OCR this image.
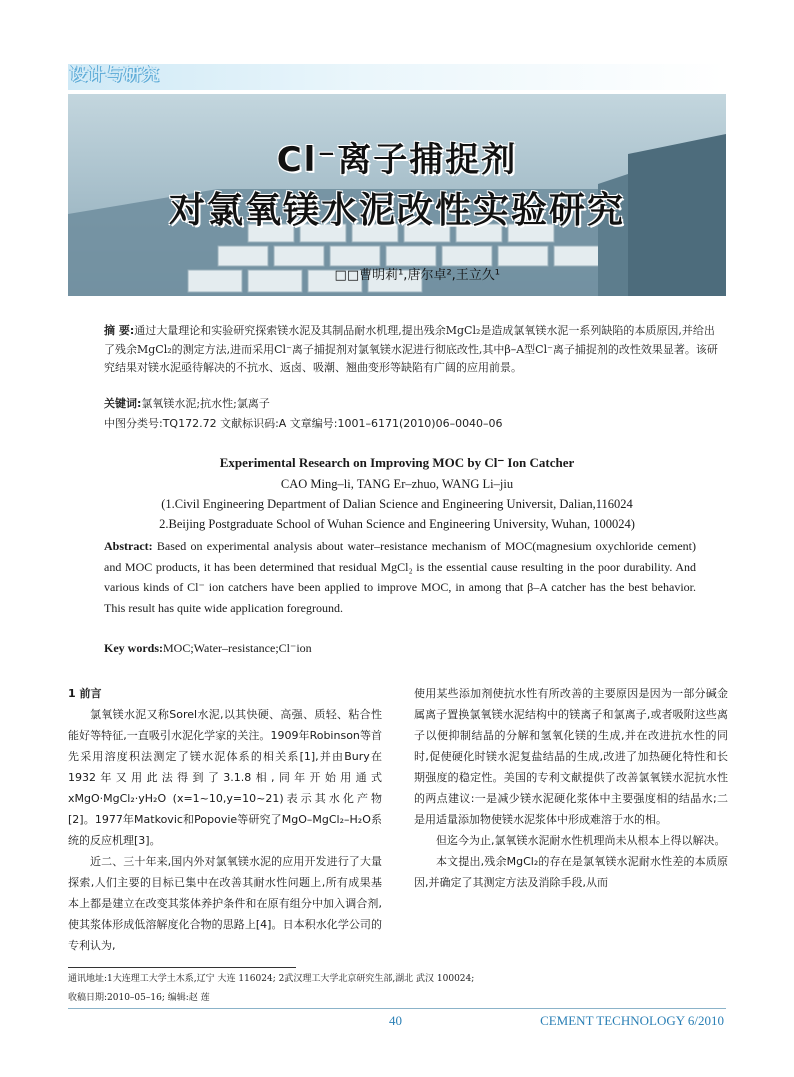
设计与研究
Cl⁻离子捕捉剂
对氯氧镁水泥改性实验研究
□□曹明莉¹,唐尔卓²,王立久¹
摘 要:通过大量理论和实验研究探索镁水泥及其制品耐水机理,提出残余MgCl₂是造成氯氧镁水泥一系列缺陷的本质原因,并给出了残余MgCl₂的测定方法,进而采用Cl⁻离子捕捉剂对氯氧镁水泥进行彻底改性,其中β–A型Cl⁻离子捕捉剂的改性效果显著。该研究结果对镁水泥亟待解决的不抗水、返卤、吸潮、翘曲变形等缺陷有广阔的应用前景。
关键词:氯氧镁水泥;抗水性;氯离子
中图分类号:TQ172.72 文献标识码:A 文章编号:1001–6171(2010)06–0040–06
Experimental Research on Improving MOC by Cl⁻ Ion Catcher
CAO Ming–li, TANG Er–zhuo, WANG Li–jiu
(1.Civil Engineering Department of Dalian Science and Engineering Universit, Dalian,116024
2.Beijing Postgraduate School of Wuhan Science and Engineering University, Wuhan, 100024)
Abstract: Based on experimental analysis about water–resistance mechanism of MOC(magnesium oxychloride cement) and MOC products, it has been determined that residual MgCl₂ is the essential cause resulting in the poor durability. And various kinds of Cl⁻ ion catchers have been applied to improve MOC, in among that β–A catcher has the best behavior. This result has quite wide application foreground.
Key words:MOC;Water–resistance;Cl⁻ion

1 前言

氯氧镁水泥又称Sorel水泥,以其快硬、高强、质轻、粘合性能好等特征,一直吸引水泥化学家的关注。1909年Robinson等首先采用溶度积法测定了镁水泥体系的相关系[1],并由Bury在1932年又用此法得到了3.1.8相,同年开始用通式xMgO·MgCl₂·yH₂O (x=1~10,y=10~21)表示其水化产物[2]。1977年Matkovic和Popovie等研究了MgO–MgCl₂–H₂O系统的反应机理[3]。

近二、三十年来,国内外对氯氧镁水泥的应用开发进行了大量探索,人们主要的目标已集中在改善其耐水性问题上,所有成果基本上都是建立在改变其浆体养护条件和在原有组分中加入调合剂,使其浆体形成低溶解度化合物的思路上[4]。日本积水化学公司的专利认为,

使用某些添加剂使抗水性有所改善的主要原因是因为一部分碱金属离子置换氯氧镁水泥结构中的镁离子和氯离子,或者吸附这些离子以便抑制结晶的分解和氢氧化镁的生成,并在改进抗水性的同时,促使硬化时镁水泥复盐结晶的生成,改进了加热硬化特性和长期强度的稳定性。美国的专利文献提供了改善氯氧镁水泥抗水性的两点建议:一是减少镁水泥硬化浆体中主要强度相的结晶水;二是用适量添加物使镁水泥浆体中形成难溶于水的相。

但迄今为止,氯氧镁水泥耐水性机理尚未从根本上得以解决。

本文提出,残余MgCl₂的存在是氯氧镁水泥耐水性差的本质原因,并确定了其测定方法及消除手段,从而

通讯地址:1大连理工大学土木系,辽宁 大连 116024; 2武汉理工大学北京研究生部,湖北 武汉 100024;
收稿日期:2010–05–16; 编辑:赵 莲
40	CEMENT TECHNOLOGY 6/2010
